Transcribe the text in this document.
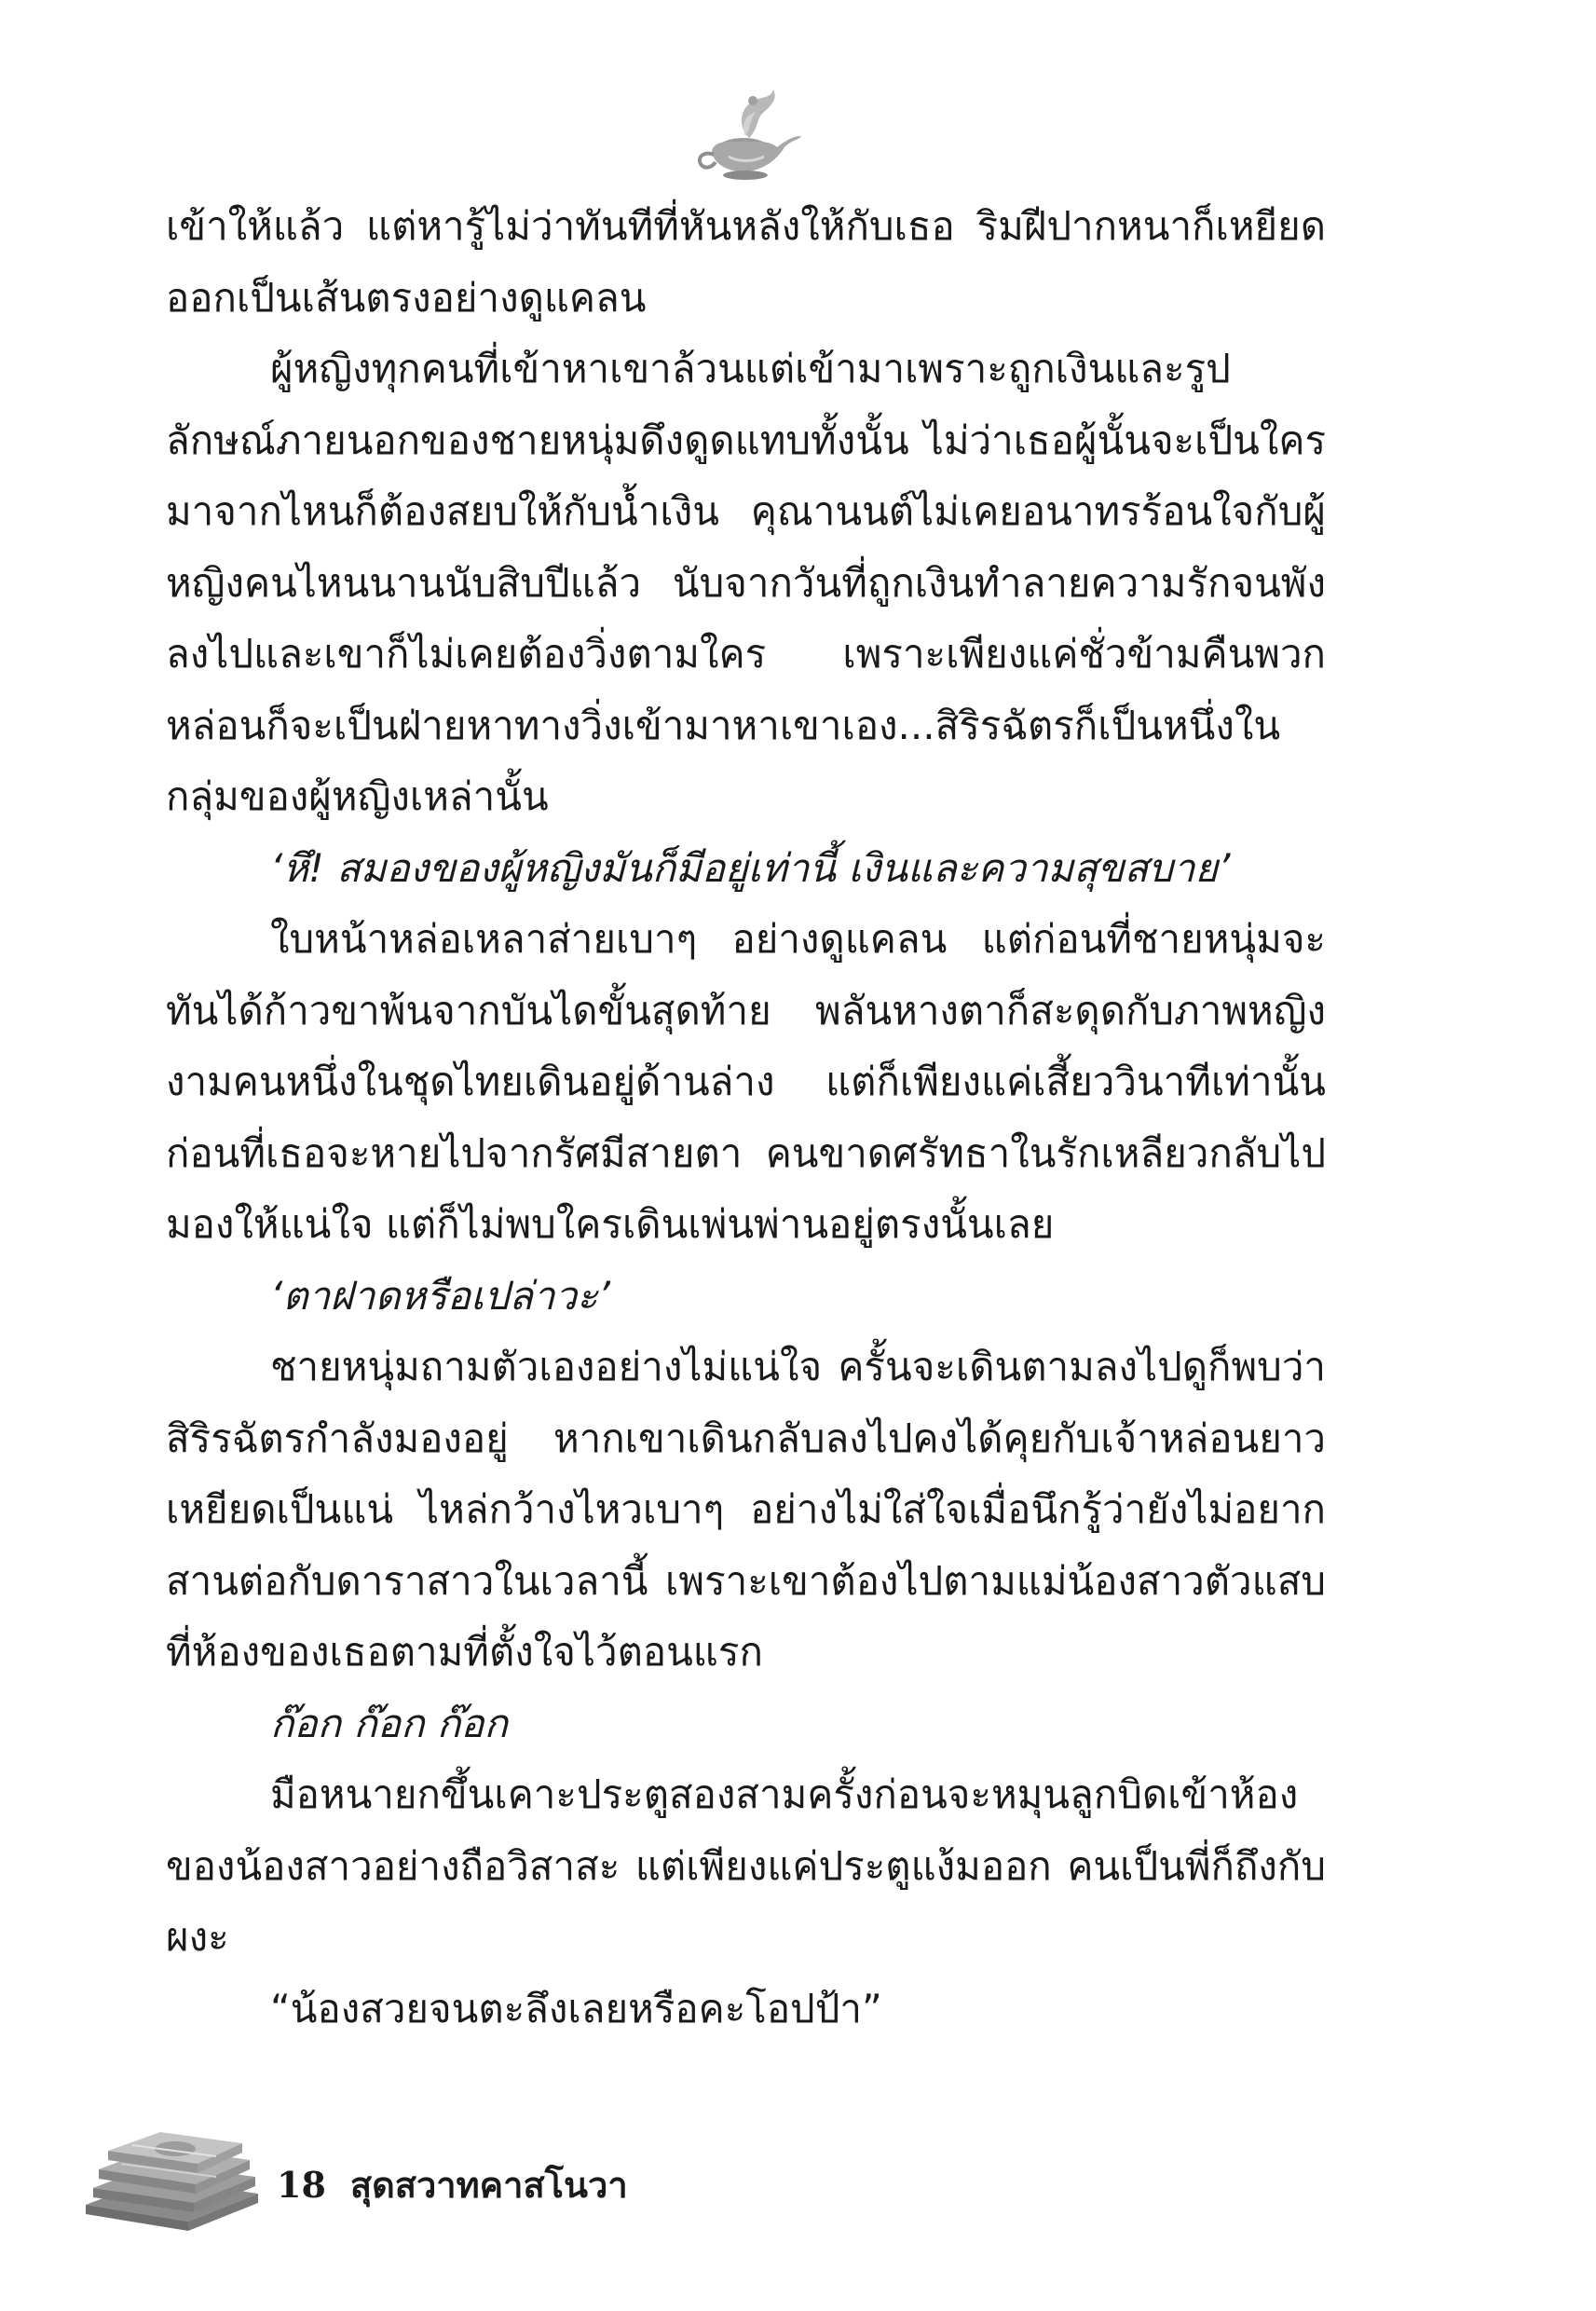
เข้าให้แล้ว แต่หารู้ไม่ว่าทันทีที่หันหลังให้กับเธอ ริมฝีปากหนาก็เหยียดออกเป็นเส้นตรงอย่างดูแคลน

ผู้หญิงทุกคนที่เข้าหาเขาล้วนแต่เข้ามาเพราะถูกเงินและรูปลักษณ์ภายนอกของชายหนุ่มดึงดูดแทบทั้งนั้น ไม่ว่าเธอผู้นั้นจะเป็นใครมาจากไหนก็ต้องสยบให้กับน้ำเงิน คุณานนต์ไม่เคยอนาทรร้อนใจกับผู้หญิงคนไหนนานนับสิบปีแล้ว นับจากวันที่ถูกเงินทำลายความรักจนพังลงไปและเขาก็ไม่เคยต้องวิ่งตามใคร เพราะเพียงแค่ชั่วข้ามคืนพวกหล่อนก็จะเป็นฝ่ายหาทางวิ่งเข้ามาหาเขาเอง...สิริรฉัตรก็เป็นหนึ่งในกลุ่มของผู้หญิงเหล่านั้น

‘หึ! สมองของผู้หญิงมันก็มีอยู่เท่านี้ เงินและความสุขสบาย’

ใบหน้าหล่อเหลาส่ายเบาๆ อย่างดูแคลน แต่ก่อนที่ชายหนุ่มจะทันได้ก้าวขาพ้นจากบันไดขั้นสุดท้าย พลันหางตาก็สะดุดกับภาพหญิงงามคนหนึ่งในชุดไทยเดินอยู่ด้านล่าง แต่ก็เพียงแค่เสี้ยววินาทีเท่านั้นก่อนที่เธอจะหายไปจากรัศมีสายตา คนขาดศรัทธาในรักเหลียวกลับไปมองให้แน่ใจ แต่ก็ไม่พบใครเดินเพ่นพ่านอยู่ตรงนั้นเลย

‘ตาฝาดหรือเปล่าวะ’

ชายหนุ่มถามตัวเองอย่างไม่แน่ใจ ครั้นจะเดินตามลงไปดูก็พบว่าสิริรฉัตรกำลังมองอยู่ หากเขาเดินกลับลงไปคงได้คุยกับเจ้าหล่อนยาวเหยียดเป็นแน่ ไหล่กว้างไหวเบาๆ อย่างไม่ใส่ใจเมื่อนึกรู้ว่ายังไม่อยากสานต่อกับดาราสาวในเวลานี้ เพราะเขาต้องไปตามแม่น้องสาวตัวแสบที่ห้องของเธอตามที่ตั้งใจไว้ตอนแรก

ก๊อก ก๊อก ก๊อก

มือหนายกขึ้นเคาะประตูสองสามครั้งก่อนจะหมุนลูกบิดเข้าห้องของน้องสาวอย่างถือวิสาสะ แต่เพียงแค่ประตูแง้มออก คนเป็นพี่ก็ถึงกับผงะ

“น้องสวยจนตะลึงเลยหรือคะโอปป้า”

18 สุดสวาทคาสโนวา
